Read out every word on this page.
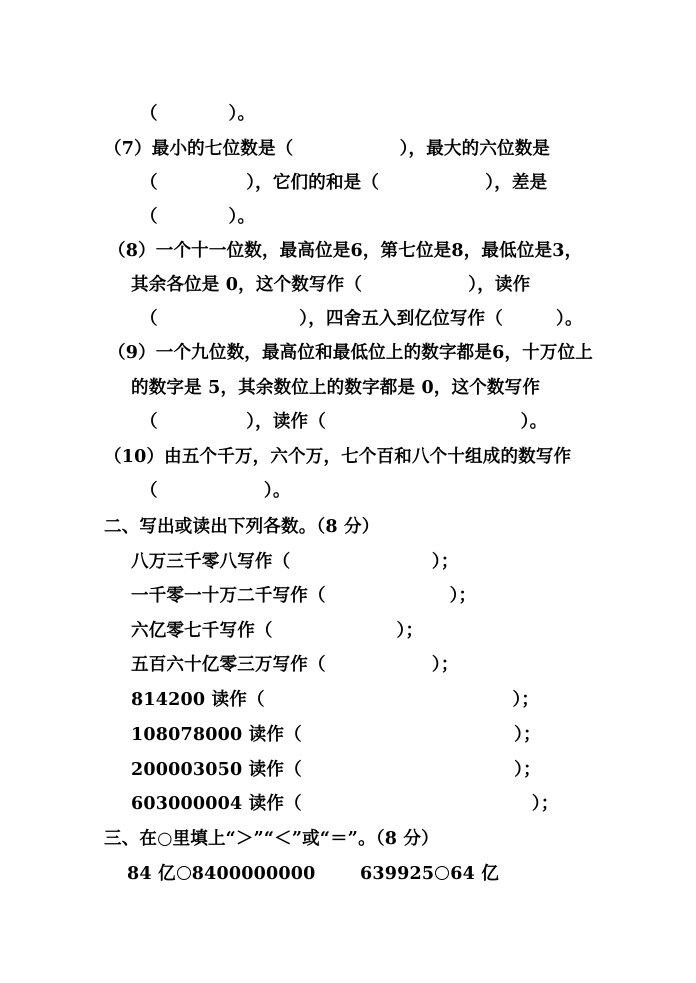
（　　　　）。
（7）最小的七位数是（　　　　　　），最大的六位数是
（　　　　　），它们的和是（　　　　　　），差是
（　　　　）。
（8）一个十一位数，最高位是6，第七位是8，最低位是3，
其余各位是 0，这个数写作（　　　　　　），读作
（　　　　　　　　），四舍五入到亿位写作（　　　）。
（9）一个九位数，最高位和最低位上的数字都是6，十万位上
的数字是 5，其余数位上的数字都是 0，这个数写作
（　　　　　），读作（　　　　　　　　　　　）。
（10）由五个千万，六个万，七个百和八个十组成的数写作
（　　　　　　）。
二、写出或读出下列各数。（8 分）
八万三千零八写作（　　　　　　　　）；
一千零一十万二千写作（　　　　　　　）；
六亿零七千写作（　　　　　　　）；
五百六十亿零三万写作（　　　　　　）；
814200 读作（　　　　　　　　　　　　　　）；
108078000 读作（　　　　　　　　　　　　）；
200003050 读作（　　　　　　　　　　　　）；
603000004 读作（　　　　　　　　　　　　　）；
三、在○里填上“＞”“＜”或“＝”。（8 分）
84 亿 8400000000	639925 64 亿
